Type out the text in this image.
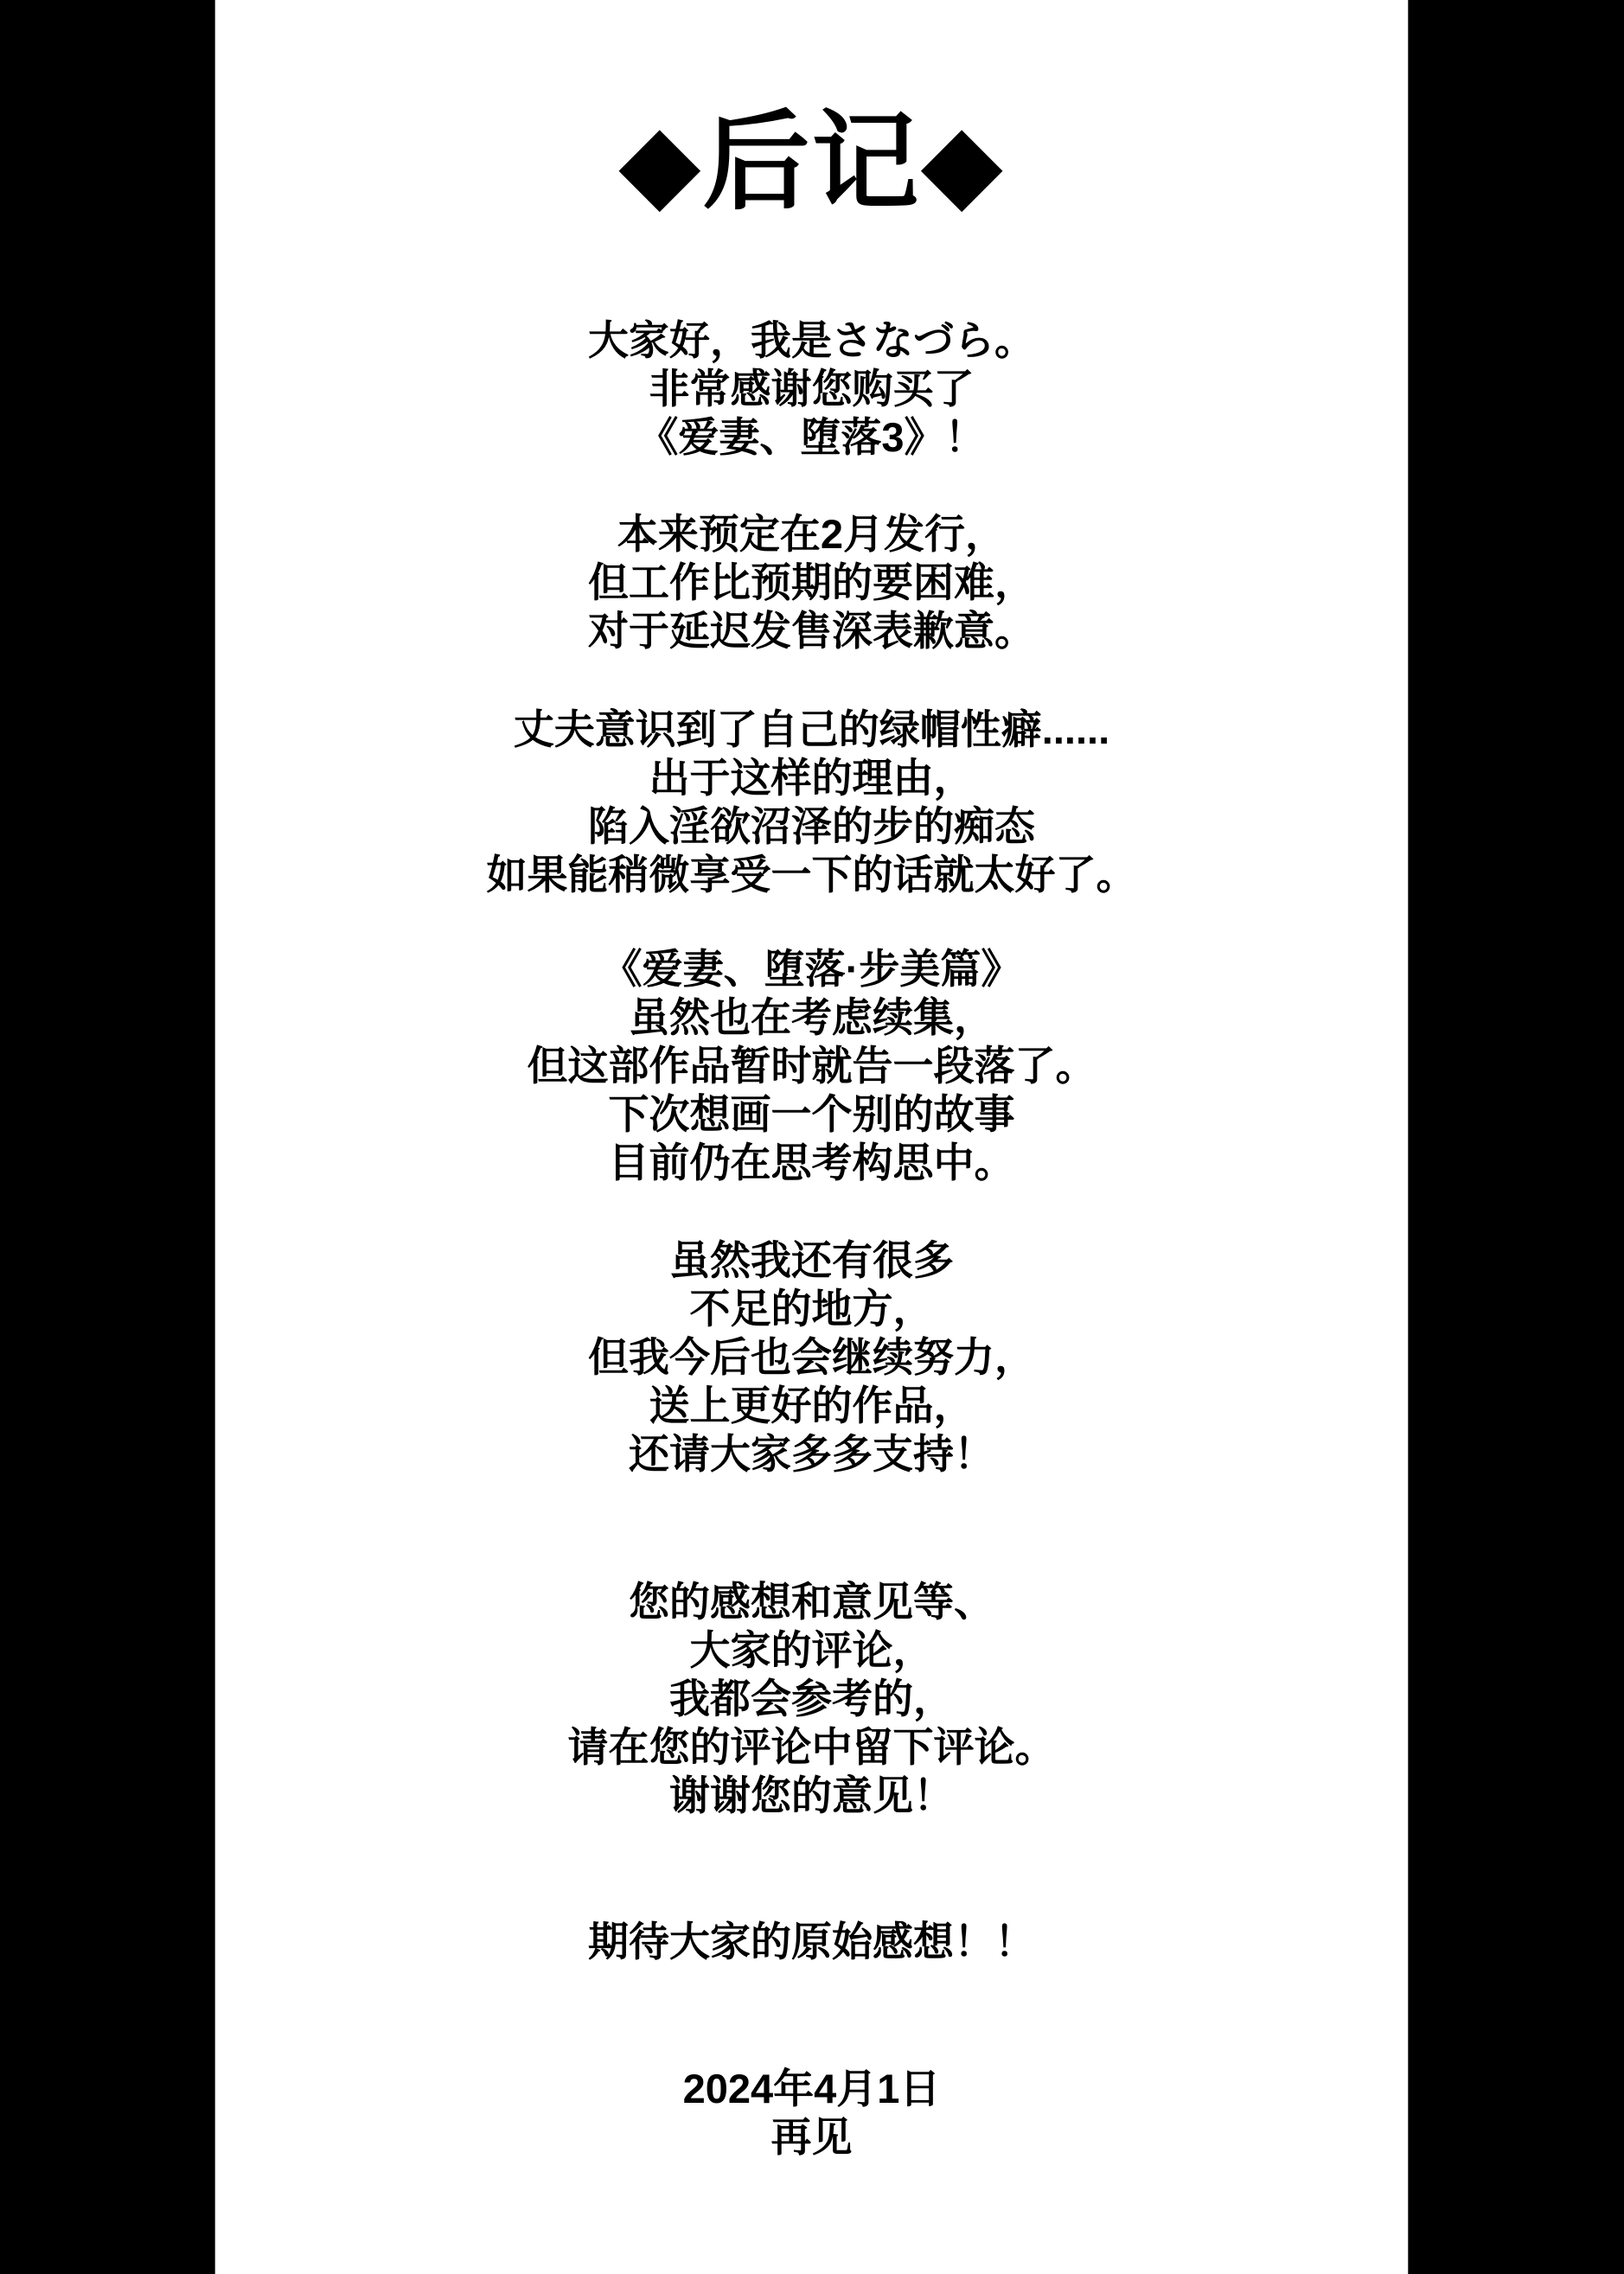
◆后记◆
大家好，我是さなづら。
非常感谢您购买了
《爱妻、堕落3》！
本来预定在2月发行，
但工作比预期的要困难，
对于延迟发售深表歉意。
丈夫意识到了自己的绿帽性癖......
出于这样的理由，
陷入淫欲沼泽的步的痴态
如果能稍微享受一下的话就太好了。
《爱妻、堕落·步美篇》
虽然也在考虑续集，
但这部作品暂时就告一段落了。
下次想画一个别的故事
目前仍在思考构思中。
虽然我还有很多
不足的地方，
但我今后也会继续努力，
送上更好的作品，
还请大家多多支持！
您的感想和意见等、
大家的评论，
我都会参考的，
请在您的评论中留下评论。
谢谢您的意见！
期待大家的原始感想！！
2024年4月1日
再见
